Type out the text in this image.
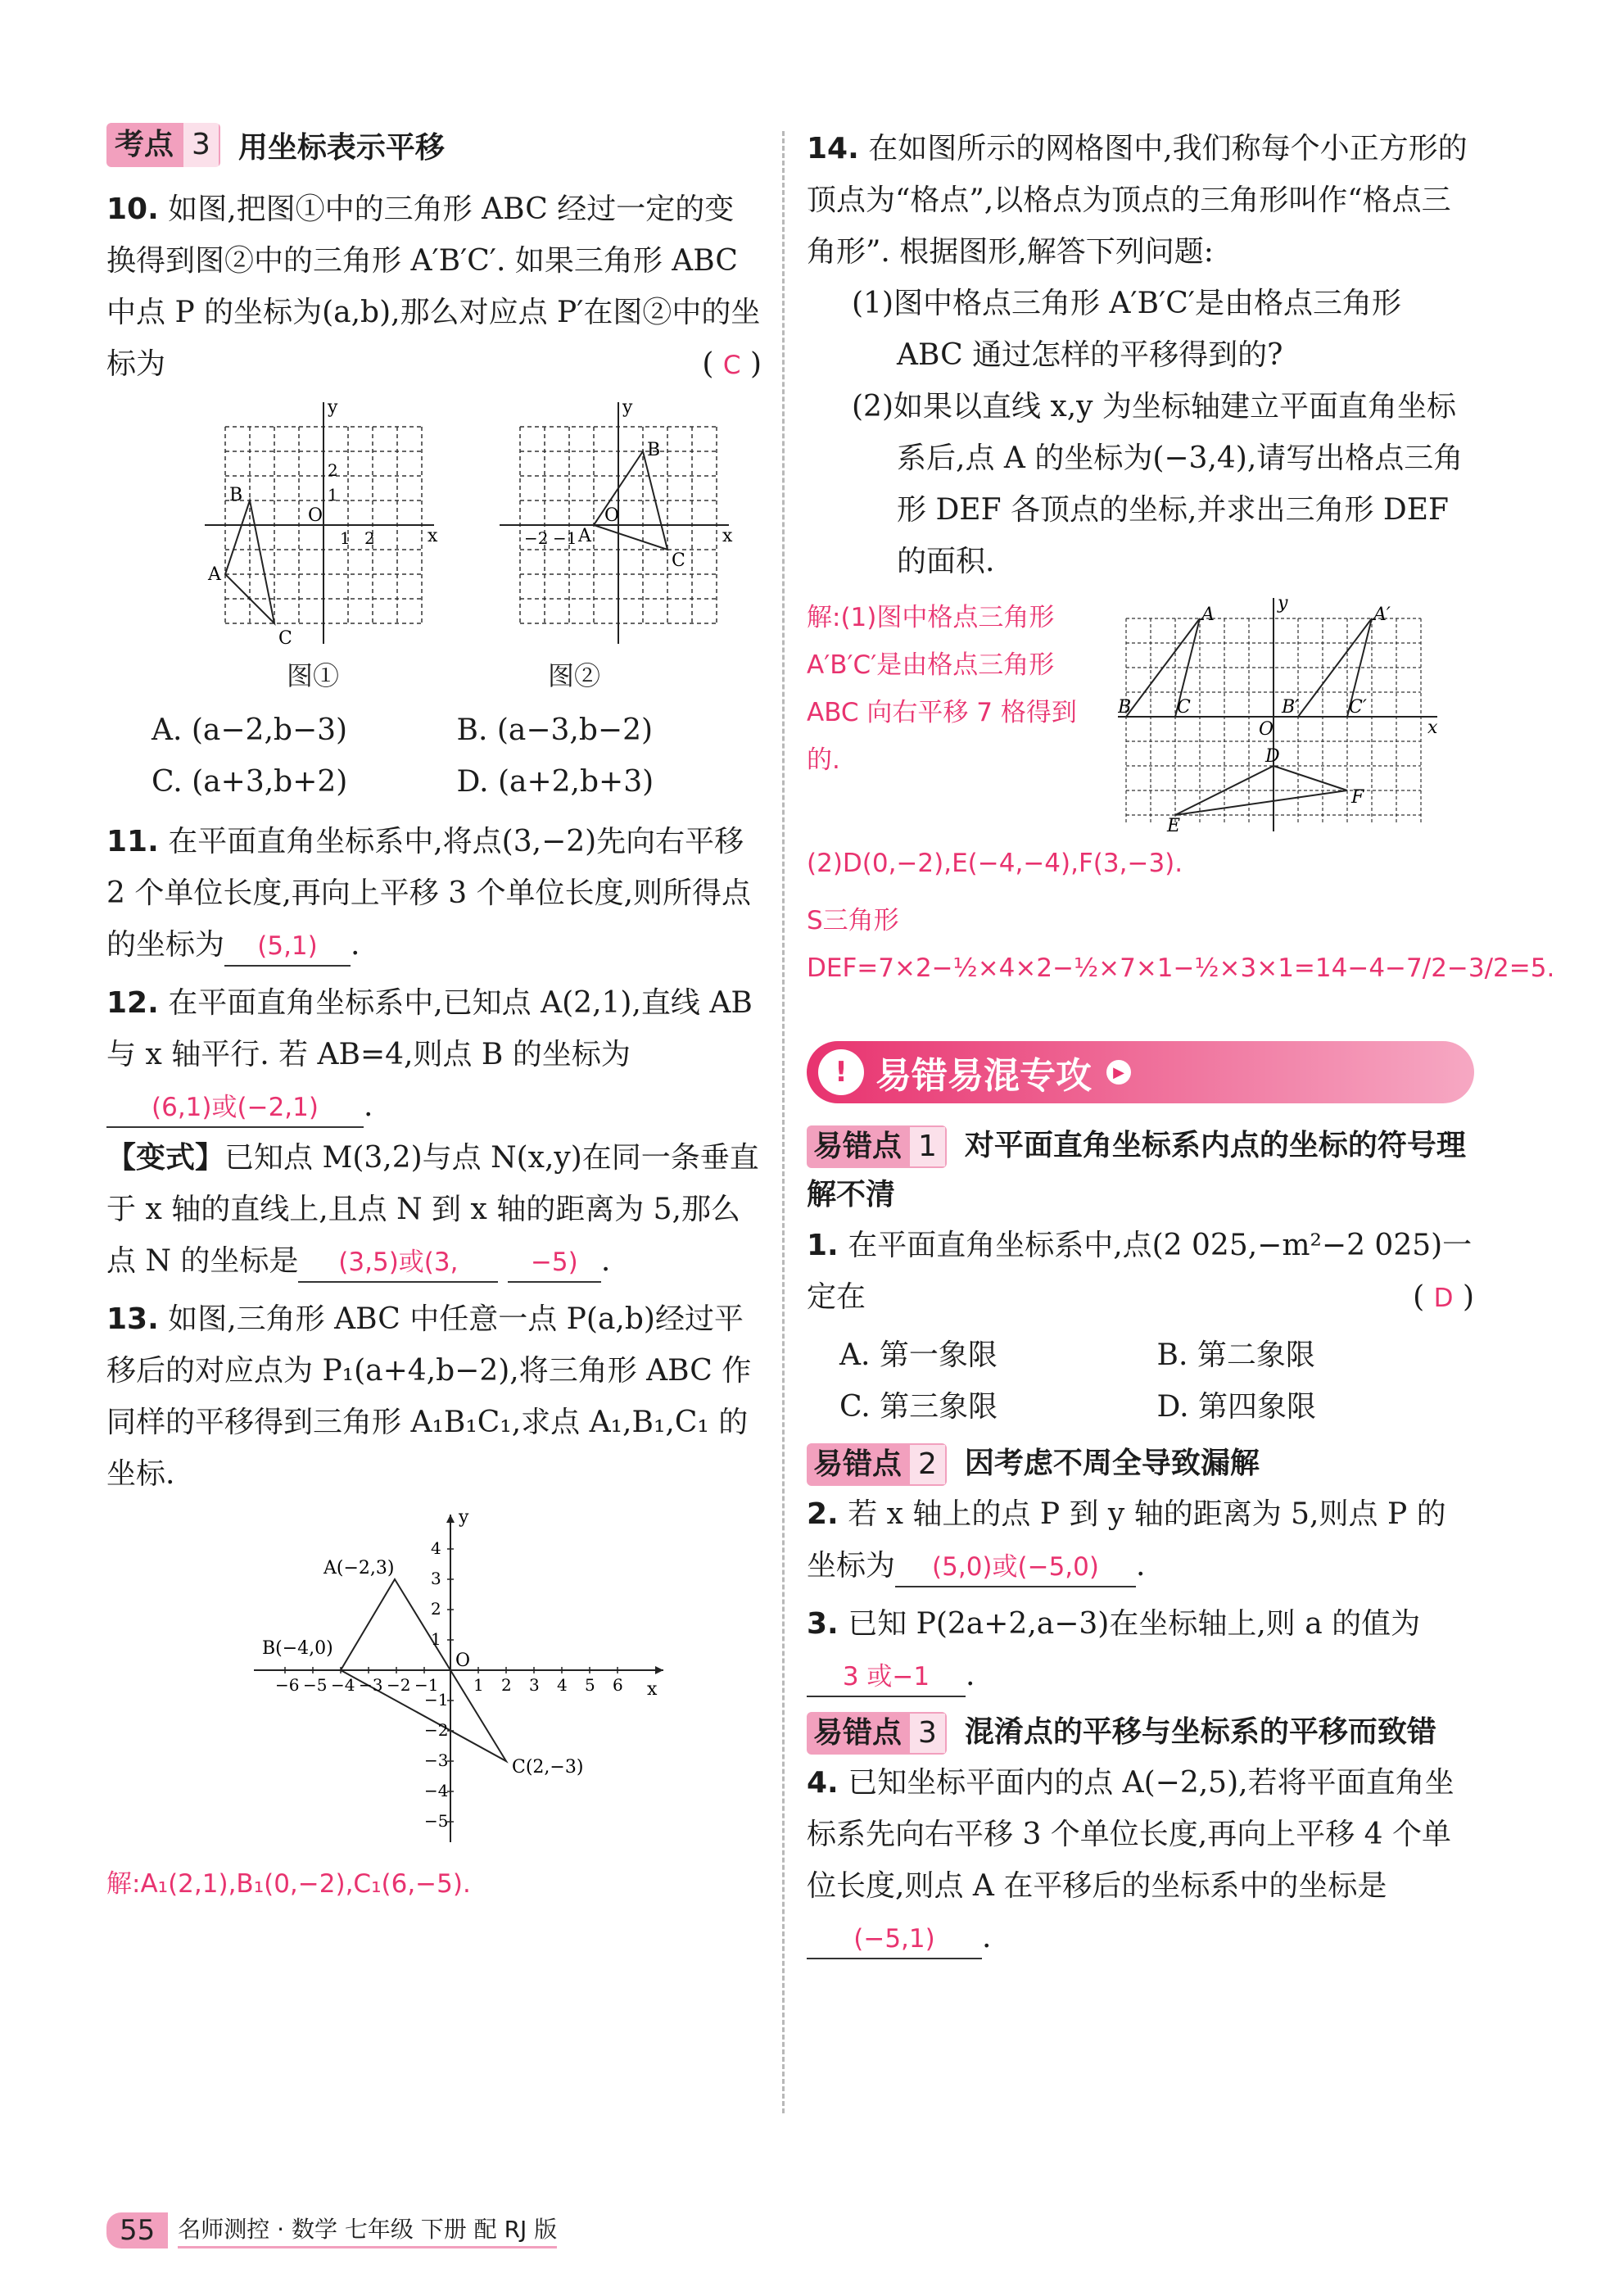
考点 3 用坐标表示平移

10. 如图,把图①中的三角形 ABC 经过一定的变换得到图②中的三角形 A′B′C′. 如果三角形 ABC 中点 P 的坐标为(a,b),那么对应点 P′在图②中的坐标为	( C )

y
x
O
B
A
C
2
1
1 2
y
x
O
B
A
C
−2 −1
图①	图②
A. (a−2,b−3)	B. (a−3,b−2)
C. (a+3,b+2)	D. (a+2,b+3)

11. 在平面直角坐标系中,将点(3,−2)先向右平移 2 个单位长度,再向上平移 3 个单位长度,则所得点的坐标为 (5,1) .

12. 在平面直角坐标系中,已知点 A(2,1),直线 AB 与 x 轴平行. 若 AB=4,则点 B 的坐标为(6,1)或(−2,1) .

【变式】已知点 M(3,2)与点 N(x,y)在同一条垂直于 x 轴的直线上,且点 N 到 x 轴的距离为 5,那么点 N 的坐标是 (3,5)或(3,	−5) .

13. 如图,三角形 ABC 中任意一点 P(a,b)经过平移后的对应点为 P₁(a+4,b−2),将三角形 ABC 作同样的平移得到三角形 A₁B₁C₁,求点 A₁,B₁,C₁ 的坐标.

y
x
O
A(−2,3)
B(−4,0)
C(2,−3)
4
3
2
1
−1
−2
−3
−4
−5
−6 −5 −4 −3 −2 −1 1 2 3 4 5 6
解:A₁(2,1),B₁(0,−2),C₁(6,−5).

14. 在如图所示的网格图中,我们称每个小正方形的顶点为“格点”,以格点为顶点的三角形叫作“格点三角形”. 根据图形,解答下列问题:

(1)图中格点三角形 A′B′C′是由格点三角形 ABC 通过怎样的平移得到的?

(2)如果以直线 x,y 为坐标轴建立平面直角坐标系后,点 A 的坐标为(−3,4),请写出格点三角形 DEF 各顶点的坐标,并求出三角形 DEF 的面积.

解:(1)图中格点三角形 A′B′C′是由格点三角形 ABC 向右平移 7 格得到的.
y
x
O
A
B	C
A′
B′	C′
D
E
F
(2)D(0,−2),E(−4,−4),F(3,−3).
S三角形DEF=7×2−½×4×2−½×7×1−½×3×1=14−4−7/2−3/2=5.
! 易错易混专攻	▶
易错点 1 对平面直角坐标系内点的坐标的符号理解不清

1. 在平面直角坐标系中,点(2 025,−m²−2 025)一定在	( D )

A. 第一象限	B. 第二象限
C. 第三象限	D. 第四象限
易错点 2 因考虑不周全导致漏解

2. 若 x 轴上的点 P 到 y 轴的距离为 5,则点 P 的坐标为 (5,0)或(−5,0) .

3. 已知 P(2a+2,a−3)在坐标轴上,则 a 的值为3 或−1 .

易错点 3 混淆点的平移与坐标系的平移而致错

4. 已知坐标平面内的点 A(−2,5),若将平面直角坐标系先向右平移 3 个单位长度,再向上平移 4 个单位长度,则点 A 在平移后的坐标系中的坐标是(−5,1) .

55	名师测控 · 数学 七年级 下册 配 RJ 版
